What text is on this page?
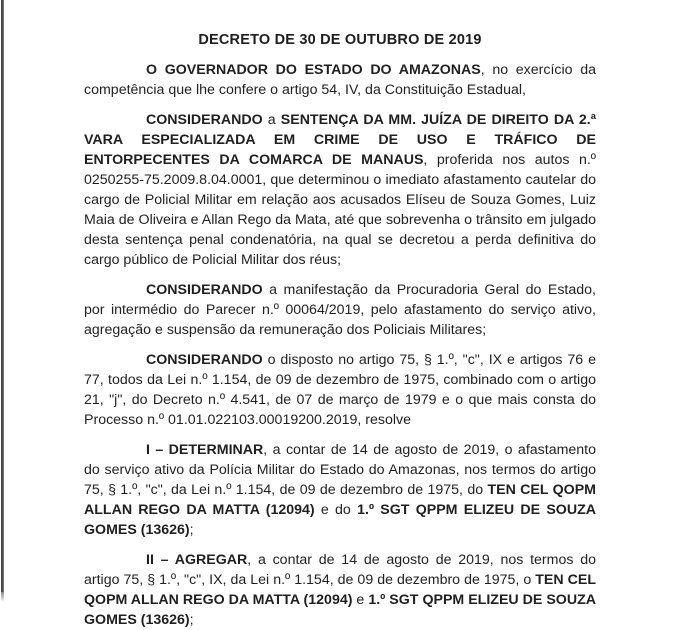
DECRETO DE 30 DE OUTUBRO DE 2019

O GOVERNADOR DO ESTADO DO AMAZONAS, no exercício da competência que lhe confere o artigo 54, IV, da Constituição Estadual,

CONSIDERANDO a SENTENÇA DA MM. JUÍZA DE DIREITO DA 2.ª VARA ESPECIALIZADA EM CRIME DE USO E TRÁFICO DE ENTORPECENTES DA COMARCA DE MANAUS, proferida nos autos n.º 0250255-75.2009.8.04.0001, que determinou o imediato afastamento cautelar do cargo de Policial Militar em relação aos acusados Elíseu de Souza Gomes, Luiz Maia de Oliveira e Allan Rego da Mata, até que sobrevenha o trânsito em julgado desta sentença penal condenatória, na qual se decretou a perda definitiva do cargo público de Policial Militar dos réus;

CONSIDERANDO a manifestação da Procuradoria Geral do Estado, por intermédio do Parecer n.º 00064/2019, pelo afastamento do serviço ativo, agregação e suspensão da remuneração dos Policiais Militares;

CONSIDERANDO o disposto no artigo 75, § 1.º, "c", IX e artigos 76 e 77, todos da Lei n.º 1.154, de 09 de dezembro de 1975, combinado com o artigo 21, "j", do Decreto n.º 4.541, de 07 de março de 1979 e o que mais consta do Processo n.º 01.01.022103.00019200.2019, resolve

I – DETERMINAR, a contar de 14 de agosto de 2019, o afastamento do serviço ativo da Polícia Militar do Estado do Amazonas, nos termos do artigo 75, § 1.º, "c", da Lei n.º 1.154, de 09 de dezembro de 1975, do TEN CEL QOPM ALLAN REGO DA MATTA (12094) e do 1.º SGT QPPM ELIZEU DE SOUZA GOMES (13626);

II – AGREGAR, a contar de 14 de agosto de 2019, nos termos do artigo 75, § 1.º, "c", IX, da Lei n.º 1.154, de 09 de dezembro de 1975, o TEN CEL QOPM ALLAN REGO DA MATTA (12094) e 1.º SGT QPPM ELIZEU DE SOUZA GOMES (13626);
